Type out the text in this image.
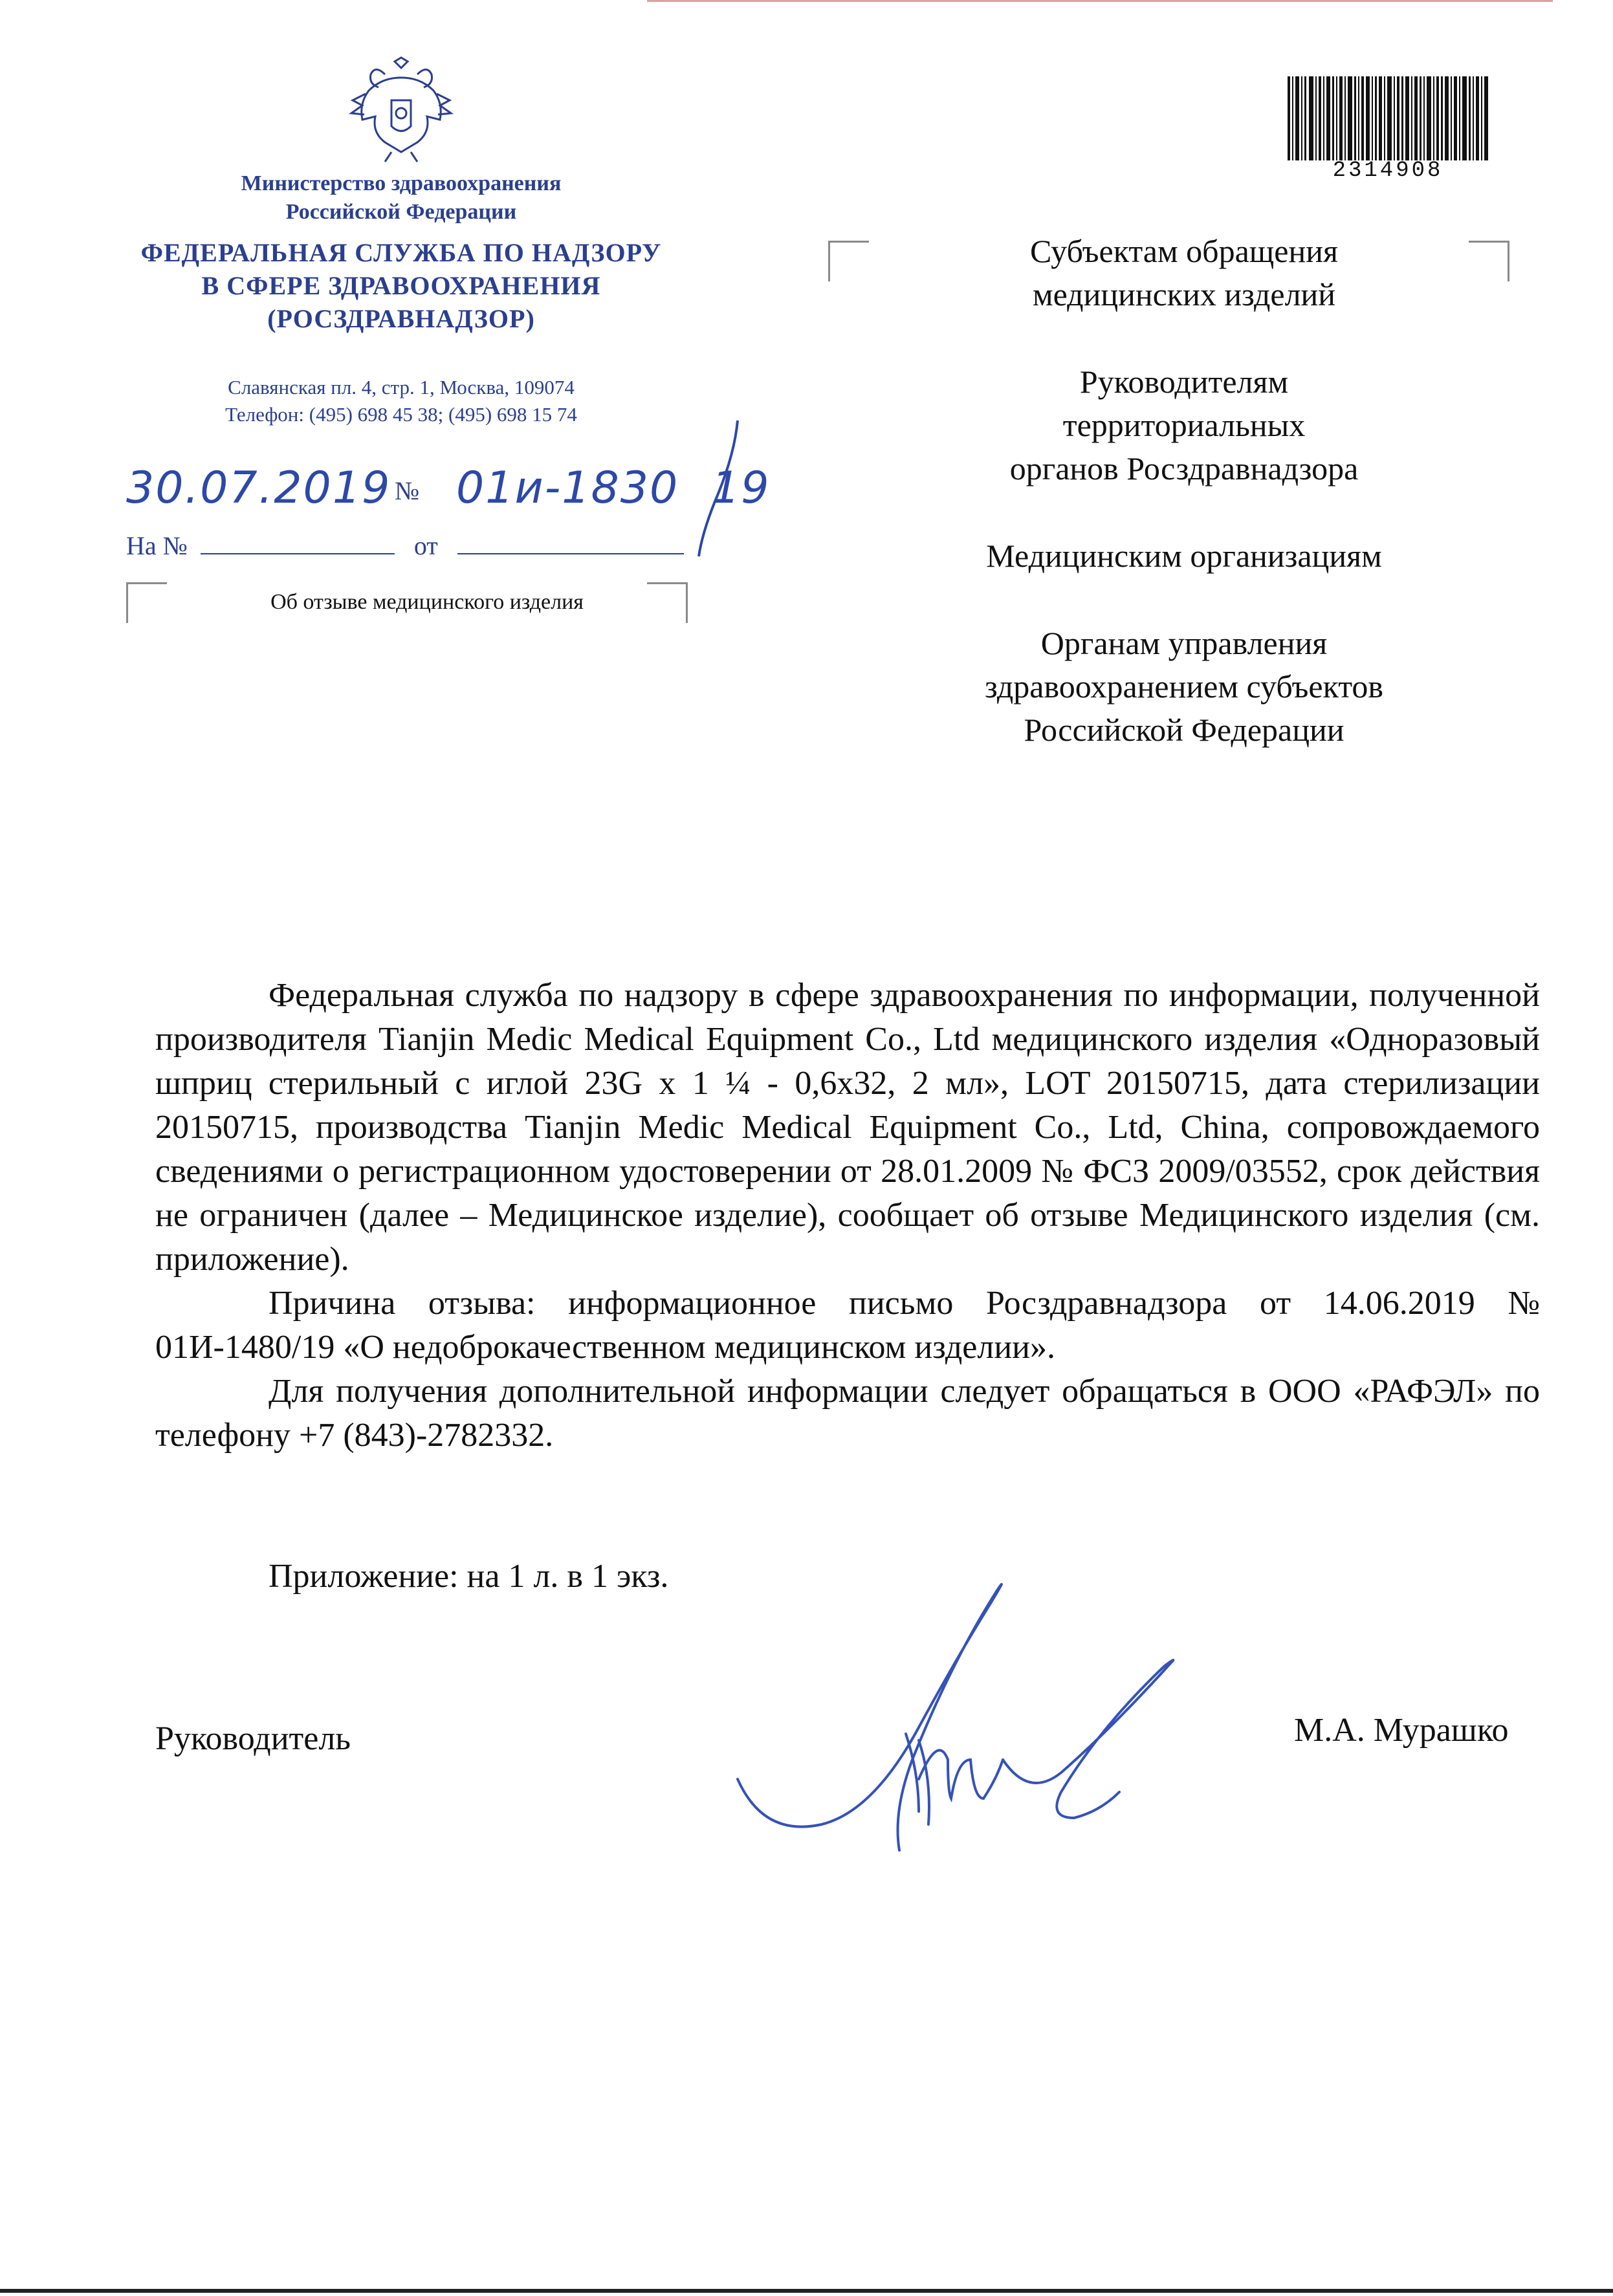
Министерство здравоохранения
Российской Федерации
ФЕДЕРАЛЬНАЯ СЛУЖБА ПО НАДЗОРУ
В СФЕРЕ ЗДРАВООХРАНЕНИЯ
(РОСЗДРАВНАДЗОР)
Славянская пл. 4, стр. 1, Москва, 109074
Телефон: (495) 698 45 38; (495) 698 15 74
30.07.2019 № 01и-1830 19
На №	от
Об отзыве медицинского изделия
2314908
Субъектам обращения
медицинских изделий
Руководителям
территориальных
органов Росздравнадзора
Медицинским организациям
Органам управления
здравоохранением субъектов
Российской Федерации

Федеральная служба по надзору в сфере здравоохранения по информации, полученной производителя Tianjin Medic Medical Equipment Co., Ltd медицинского изделия «Одноразовый шприц стерильный с иглой 23G x 1 ¼ - 0,6x32, 2 мл», LOT 20150715, дата стерилизации 20150715, производства Tianjin Medic Medical Equipment Co., Ltd, China, сопровождаемого сведениями о регистрационном удостоверении от 28.01.2009 № ФСЗ 2009/03552, срок действия не ограничен (далее – Медицинское изделие), сообщает об отзыве Медицинского изделия (см. приложение).

Причина отзыва: информационное письмо Росздравнадзора от 14.06.2019 № 01И-1480/19 «О недоброкачественном медицинском изделии».

Для получения дополнительной информации следует обращаться в ООО «РАФЭЛ» по телефону +7 (843)-2782332.

Приложение: на 1 л. в 1 экз.
Руководитель	М.А. Мурашко
